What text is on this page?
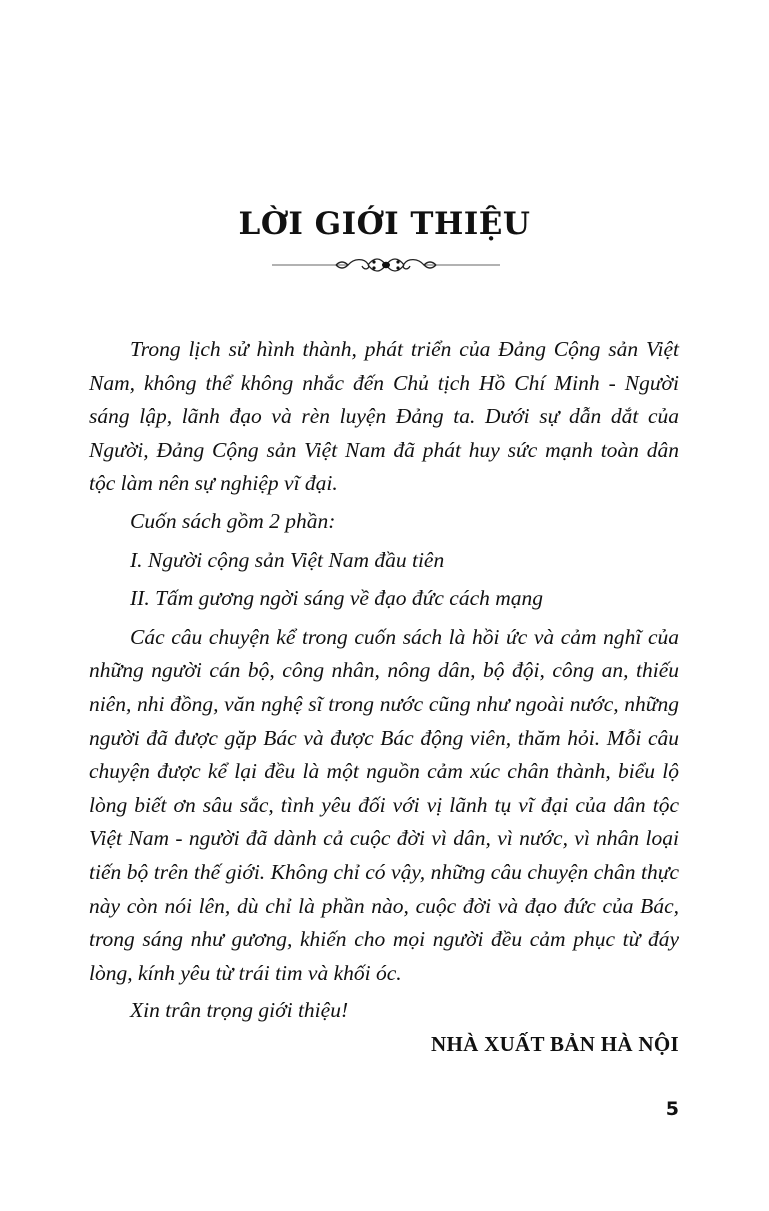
LỜI GIỚI THIỆU

Trong lịch sử hình thành, phát triển của Đảng Cộng sản Việt Nam, không thể không nhắc đến Chủ tịch Hồ Chí Minh - Người sáng lập, lãnh đạo và rèn luyện Đảng ta. Dưới sự dẫn dắt của Người, Đảng Cộng sản Việt Nam đã phát huy sức mạnh toàn dân tộc làm nên sự nghiệp vĩ đại.

Cuốn sách gồm 2 phần:

I. Người cộng sản Việt Nam đầu tiên

II. Tấm gương ngời sáng về đạo đức cách mạng

Các câu chuyện kể trong cuốn sách là hồi ức và cảm nghĩ của những người cán bộ, công nhân, nông dân, bộ đội, công an, thiếu niên, nhi đồng, văn nghệ sĩ trong nước cũng như ngoài nước, những người đã được gặp Bác và được Bác động viên, thăm hỏi. Mỗi câu chuyện được kể lại đều là một nguồn cảm xúc chân thành, biểu lộ lòng biết ơn sâu sắc, tình yêu đối với vị lãnh tụ vĩ đại của dân tộc Việt Nam - người đã dành cả cuộc đời vì dân, vì nước, vì nhân loại tiến bộ trên thế giới. Không chỉ có vậy, những câu chuyện chân thực này còn nói lên, dù chỉ là phần nào, cuộc đời và đạo đức của Bác, trong sáng như gương, khiến cho mọi người đều cảm phục từ đáy lòng, kính yêu từ trái tim và khối óc.

Xin trân trọng giới thiệu!

NHÀ XUẤT BẢN HÀ NỘI
5
